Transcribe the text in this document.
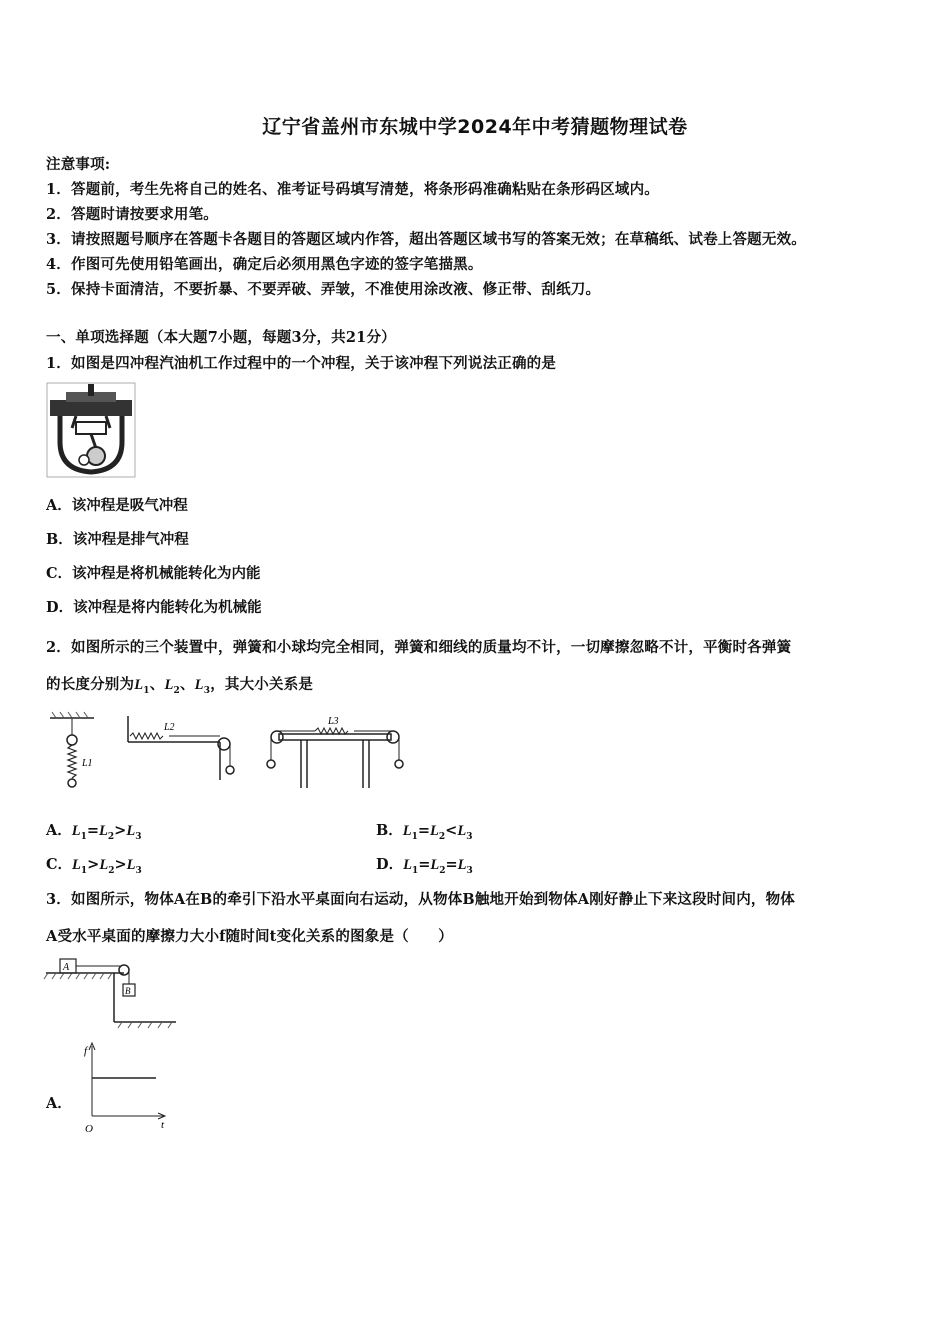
辽宁省盖州市东城中学2024年中考猜题物理试卷
注意事项:
1．答题前，考生先将自己的姓名、准考证号码填写清楚，将条形码准确粘贴在条形码区域内。
2．答题时请按要求用笔。
3．请按照题号顺序在答题卡各题目的答题区域内作答，超出答题区域书写的答案无效；在草稿纸、试卷上答题无效。
4．作图可先使用铅笔画出，确定后必须用黑色字迹的签字笔描黑。
5．保持卡面清洁，不要折暴、不要弄破、弄皱，不准使用涂改液、修正带、刮纸刀。
一、单项选择题（本大题7小题，每题3分，共21分）
1．如图是四冲程汽油机工作过程中的一个冲程，关于该冲程下列说法正确的是
A．该冲程是吸气冲程
B．该冲程是排气冲程
C．该冲程是将机械能转化为内能
D．该冲程是将内能转化为机械能
2．如图所示的三个装置中，弹簧和小球均完全相同，弹簧和细线的质量均不计，一切摩擦忽略不计，平衡时各弹簧
的长度分别为$L_1$、$L_2$、$L_3$，其大小关系是
L1
L2
L3
A．$L_1=L_2>L_3$	B．$L_1=L_2<L_3$
C．$L_1>L_2>L_3$	D．$L_1=L_2=L_3$
3．如图所示，物体A在B的牵引下沿水平桌面向右运动，从物体B触地开始到物体A刚好静止下来这段时间内，物体
A受水平桌面的摩擦力大小f随时间t变化关系的图象是（　　）
A
B
A．
f
t
O
